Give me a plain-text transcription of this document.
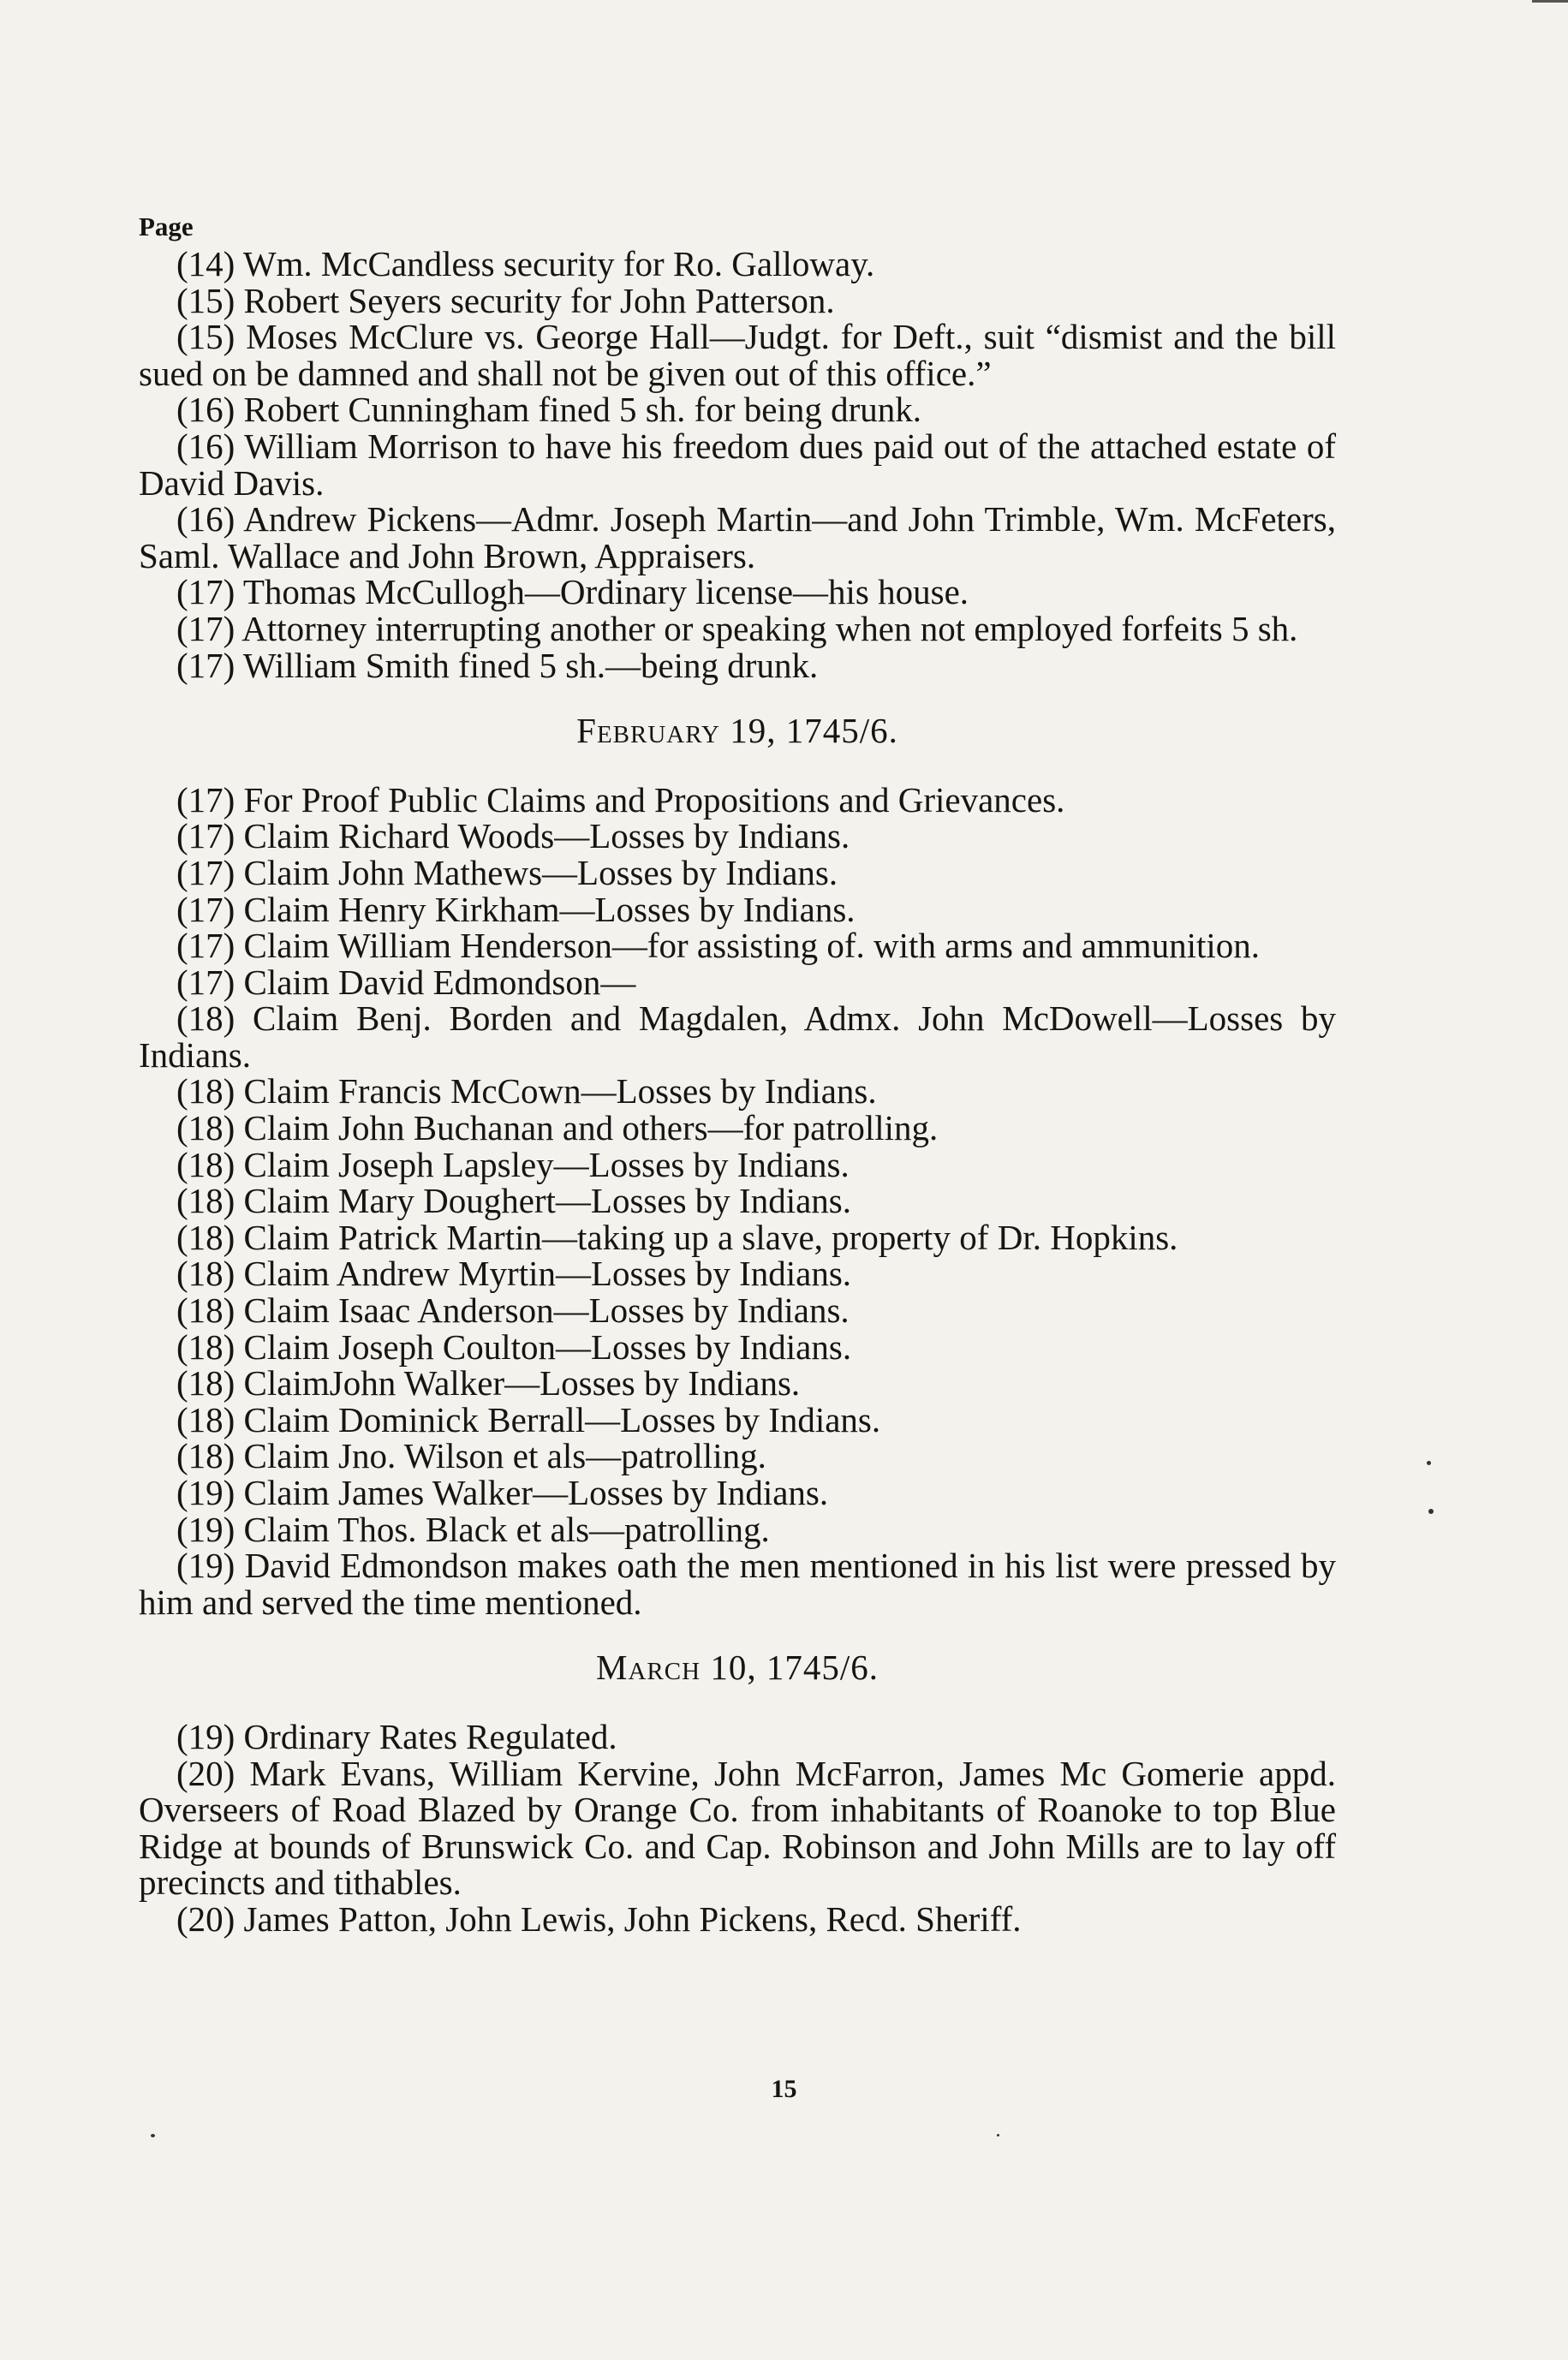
Page
(14) Wm. McCandless security for Ro. Galloway.
(15) Robert Seyers security for John Patterson.
(15) Moses McClure vs. George Hall—Judgt. for Deft., suit “dismist and the bill sued on be damned and shall not be given out of this office.”
(16) Robert Cunningham fined 5 sh. for being drunk.
(16) William Morrison to have his freedom dues paid out of the attached estate of David Davis.
(16) Andrew Pickens—Admr. Joseph Martin—and John Trimble, Wm. McFeters, Saml. Wallace and John Brown, Appraisers.
(17) Thomas McCullogh—Ordinary license—his house.
(17) Attorney interrupting another or speaking when not employed forfeits 5 sh.
(17) William Smith fined 5 sh.—being drunk.
February 19, 1745/6.
(17) For Proof Public Claims and Propositions and Grievances.
(17) Claim Richard Woods—Losses by Indians.
(17) Claim John Mathews—Losses by Indians.
(17) Claim Henry Kirkham—Losses by Indians.
(17) Claim William Henderson—for assisting of. with arms and ammunition.
(17) Claim David Edmondson—
(18) Claim Benj. Borden and Magdalen, Admx. John McDowell—Losses by Indians.
(18) Claim Francis McCown—Losses by Indians.
(18) Claim John Buchanan and others—for patrolling.
(18) Claim Joseph Lapsley—Losses by Indians.
(18) Claim Mary Doughert—Losses by Indians.
(18) Claim Patrick Martin—taking up a slave, property of Dr. Hopkins.
(18) Claim Andrew Myrtin—Losses by Indians.
(18) Claim Isaac Anderson—Losses by Indians.
(18) Claim Joseph Coulton—Losses by Indians.
(18) ClaimJohn Walker—Losses by Indians.
(18) Claim Dominick Berrall—Losses by Indians.
(18) Claim Jno. Wilson et als—patrolling.
(19) Claim James Walker—Losses by Indians.
(19) Claim Thos. Black et als—patrolling.
(19) David Edmondson makes oath the men mentioned in his list were pressed by him and served the time mentioned.
March 10, 1745/6.
(19) Ordinary Rates Regulated.
(20) Mark Evans, William Kervine, John McFarron, James Mc Gomerie appd. Overseers of Road Blazed by Orange Co. from inhabitants of Roanoke to top Blue Ridge at bounds of Brunswick Co. and Cap. Robinson and John Mills are to lay off precincts and tithables.
(20) James Patton, John Lewis, John Pickens, Recd. Sheriff.
15
